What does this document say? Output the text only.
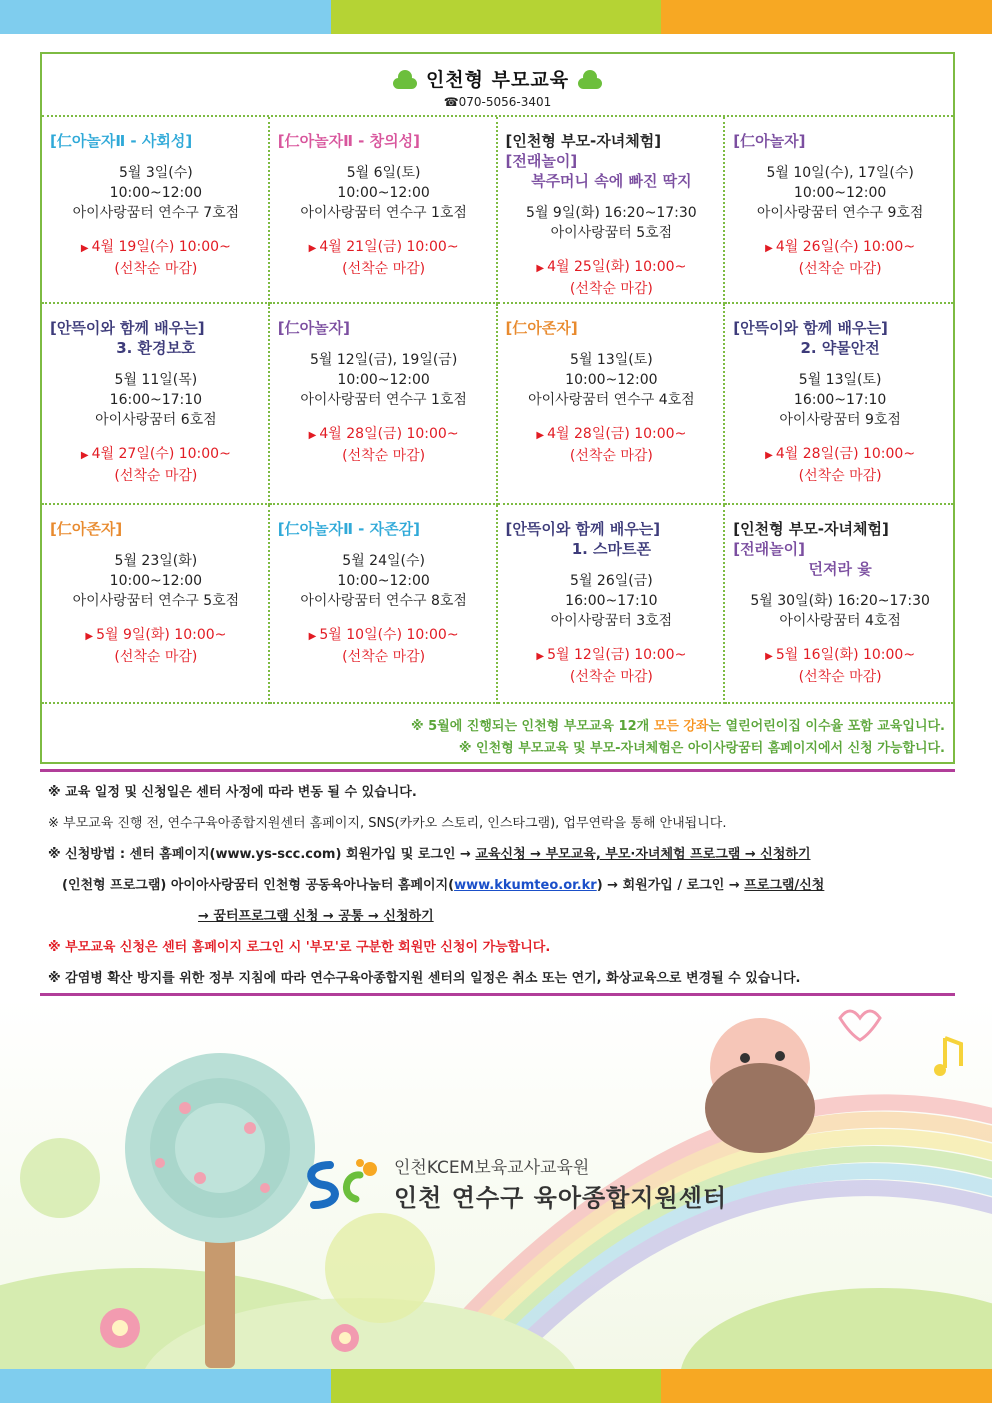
인천형 부모교육
☎070-5056-3401
[仁아놀자Ⅱ - 사회성]
5월 3일(수)
10:00~12:00
아이사랑꿈터 연수구 7호점
▶ 4월 19일(수) 10:00~
(선착순 마감)
[仁아놀자Ⅱ - 창의성]
5월 6일(토)
10:00~12:00
아이사랑꿈터 연수구 1호점
▶ 4월 21일(금) 10:00~
(선착순 마감)
[인천형 부모-자녀체험]
[전래놀이]
복주머니 속에 빠진 딱지
5월 9일(화) 16:20~17:30
아이사랑꿈터 5호점
▶ 4월 25일(화) 10:00~
(선착순 마감)
[仁아놀자]
5월 10일(수), 17일(수)
10:00~12:00
아이사랑꿈터 연수구 9호점
▶ 4월 26일(수) 10:00~
(선착순 마감)
[안뜩이와 함께 배우는]
3. 환경보호
5월 11일(목)
16:00~17:10
아이사랑꿈터 6호점
▶ 4월 27일(수) 10:00~
(선착순 마감)
[仁아놀자]
5월 12일(금), 19일(금)
10:00~12:00
아이사랑꿈터 연수구 1호점
▶ 4월 28일(금) 10:00~
(선착순 마감)
[仁아존자]
5월 13일(토)
10:00~12:00
아이사랑꿈터 연수구 4호점
▶ 4월 28일(금) 10:00~
(선착순 마감)
[안뜩이와 함께 배우는]
2. 약물안전
5월 13일(토)
16:00~17:10
아이사랑꿈터 9호점
▶ 4월 28일(금) 10:00~
(선착순 마감)
[仁아존자]
5월 23일(화)
10:00~12:00
아이사랑꿈터 연수구 5호점
▶ 5월 9일(화) 10:00~
(선착순 마감)
[仁아놀자Ⅱ - 자존감]
5월 24일(수)
10:00~12:00
아이사랑꿈터 연수구 8호점
▶ 5월 10일(수) 10:00~
(선착순 마감)
[안뜩이와 함께 배우는]
1. 스마트폰
5월 26일(금)
16:00~17:10
아이사랑꿈터 3호점
▶ 5월 12일(금) 10:00~
(선착순 마감)
[인천형 부모-자녀체험]
[전래놀이]
던져라 윷
5월 30일(화) 16:20~17:30
아이사랑꿈터 4호점
▶ 5월 16일(화) 10:00~
(선착순 마감)
※ 5월에 진행되는 인천형 부모교육 12개 모든 강좌는 열린어린이집 이수율 포함 교육입니다.
※ 인천형 부모교육 및 부모-자녀체험은 아이사랑꿈터 홈페이지에서 신청 가능합니다.
※ 교육 일정 및 신청일은 센터 사정에 따라 변동 될 수 있습니다.
※ 부모교육 진행 전, 연수구육아종합지원센터 홈페이지, SNS(카카오 스토리, 인스타그램), 업무연락을 통해 안내됩니다.
※ 신청방법 : 센터 홈페이지(www.ys-scc.com) 회원가입 및 로그인 → 교육신청 → 부모교육, 부모·자녀체험 프로그램 → 신청하기
(인천형 프로그램) 아이아사랑꿈터 인천형 공동육아나눔터 홈페이지(www.kkumteo.or.kr) → 회원가입 / 로그인 → 프로그램/신청
→ 꿈터프로그램 신청 → 공통 → 신청하기
※ 부모교육 신청은 센터 홈페이지 로그인 시 '부모'로 구분한 회원만 신청이 가능합니다.
※ 감염병 확산 방지를 위한 정부 지침에 따라 연수구육아종합지원 센터의 일정은 취소 또는 연기, 화상교육으로 변경될 수 있습니다.
인천KCEM보육교사교육원
인천 연수구 육아종합지원센터
